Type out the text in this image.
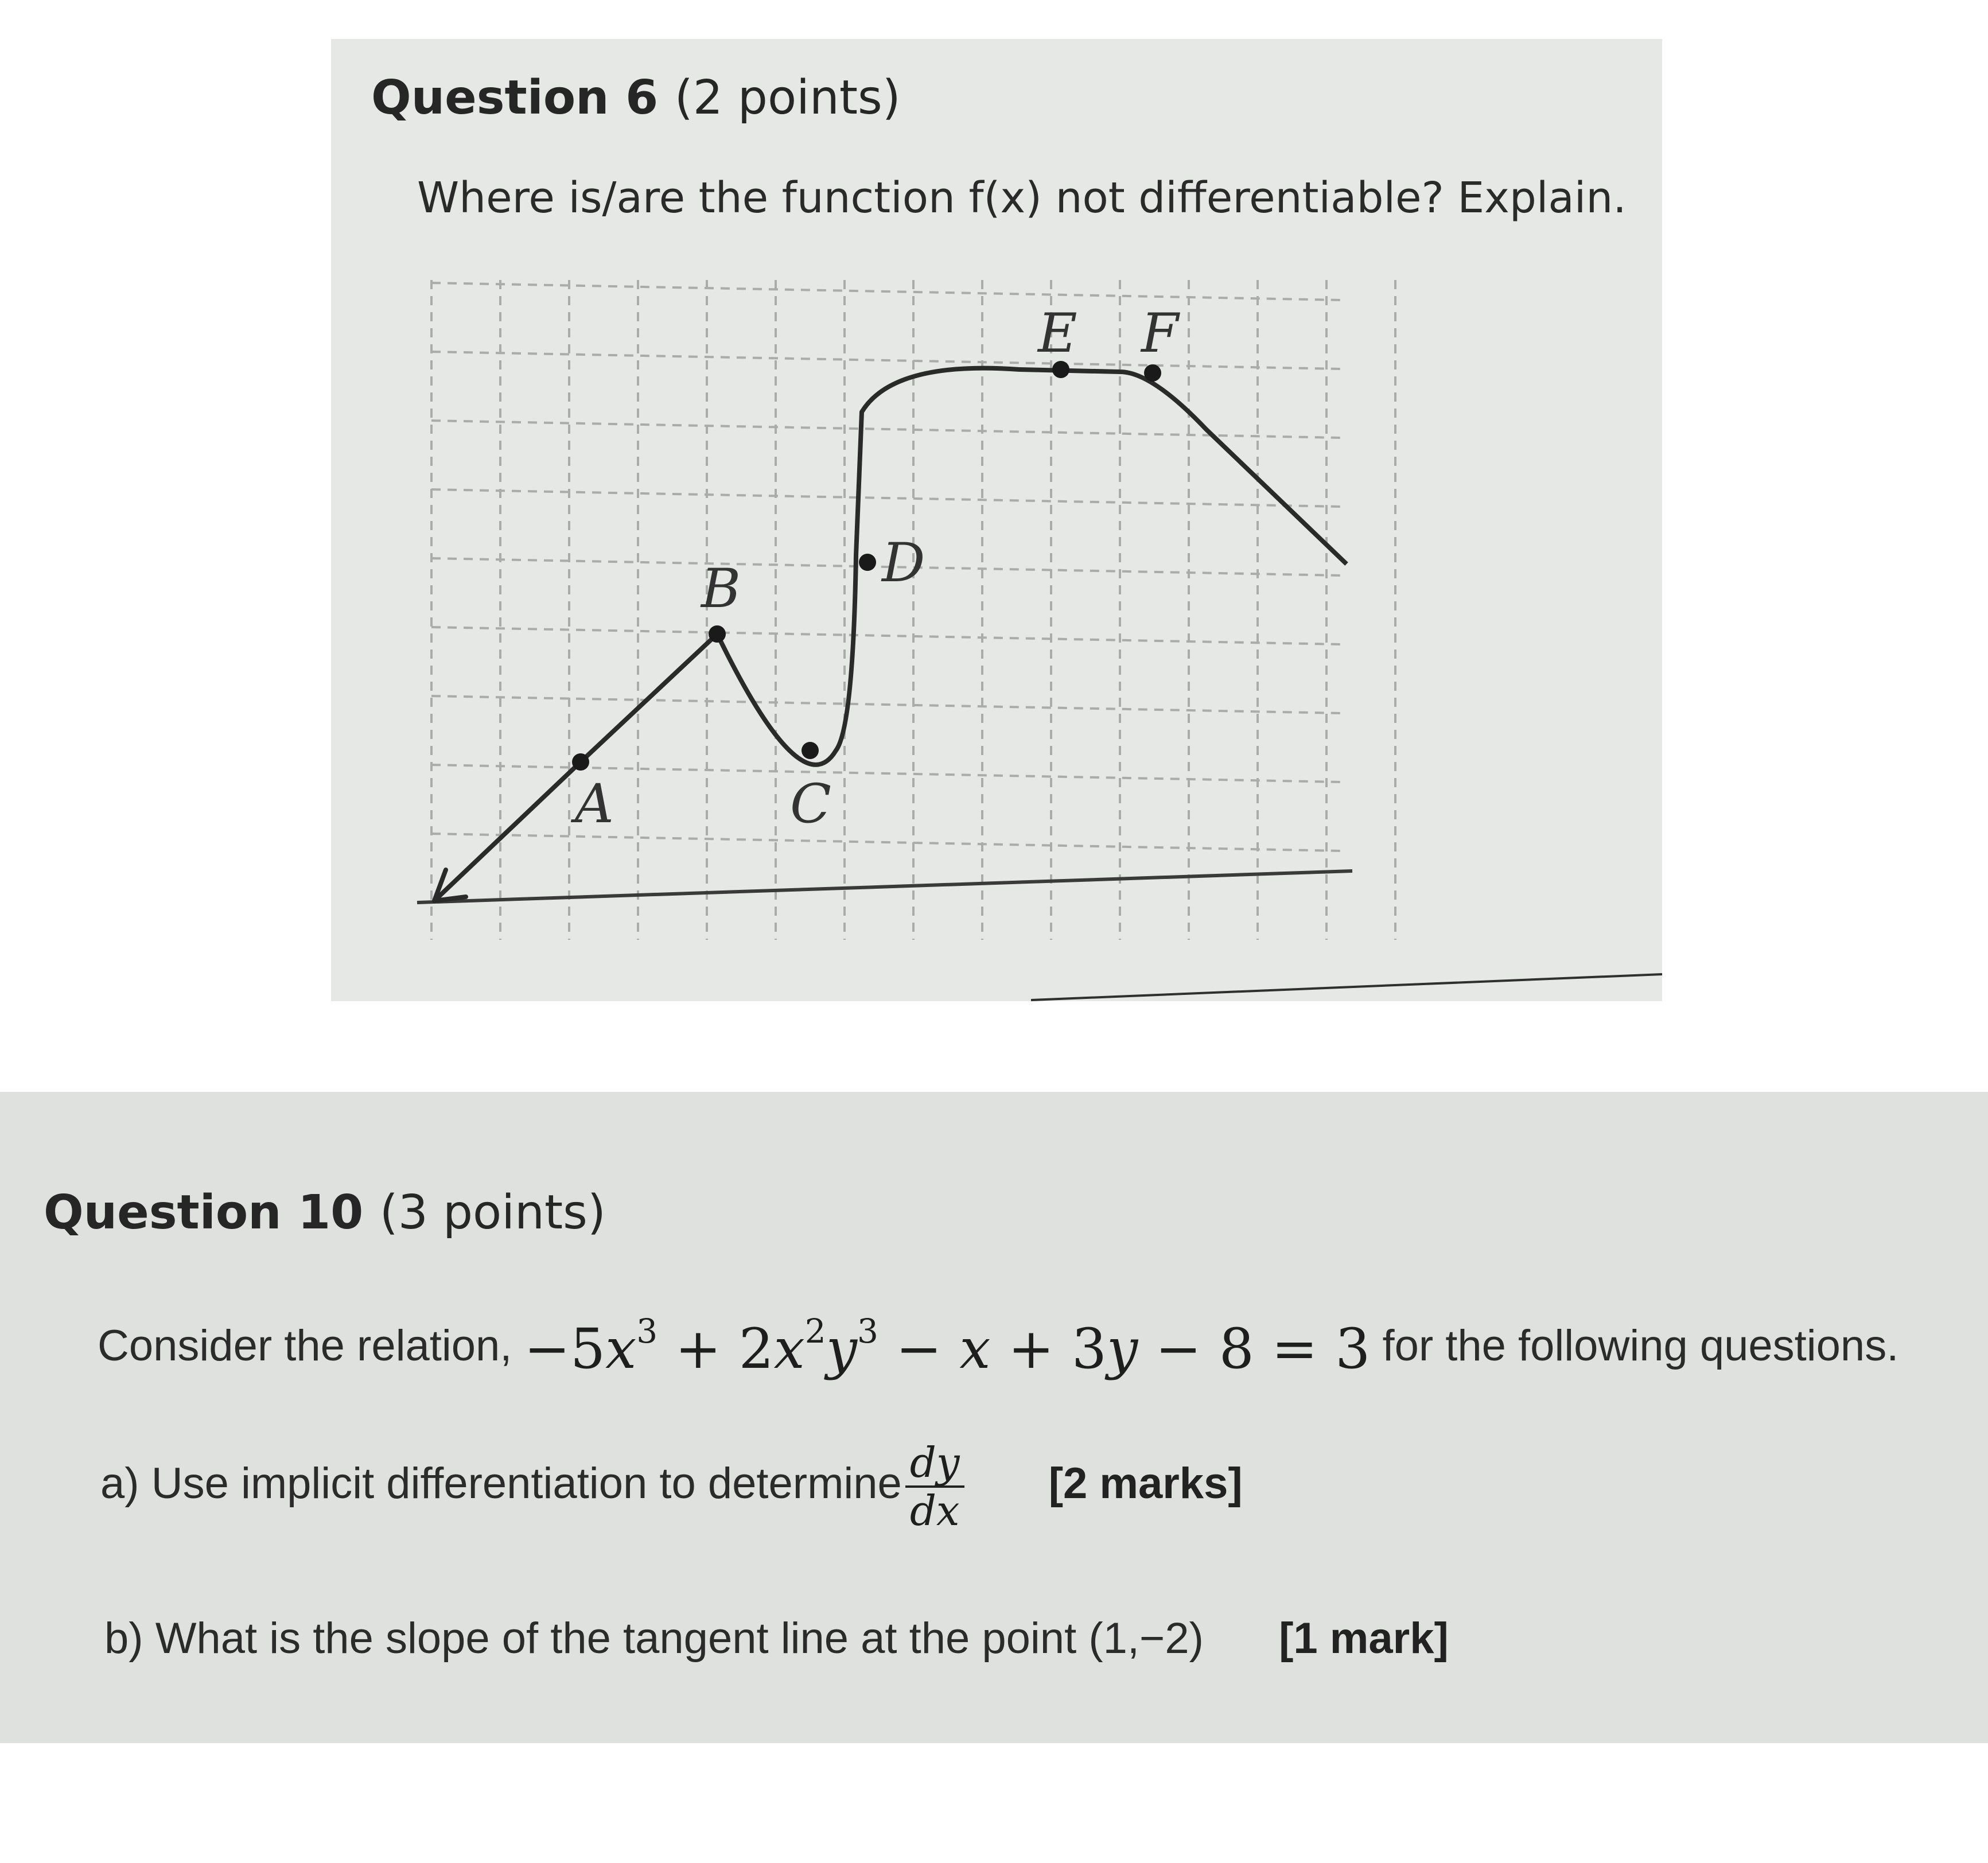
Question 6 (2 points)
Where is/are the function f(x) not differentiable? Explain.
A
B
C
D
E F
Question 10 (3 points)
Consider the relation, $-5x^3 + 2x^2y^3 - x + 3y - 8 = 3$ for the following questions.
a) Use implicit differentiation to determine $\frac{dy}{dx} [2$ marks]
b) What is the slope of the tangent line at the point (1,−2) [1 mark]
